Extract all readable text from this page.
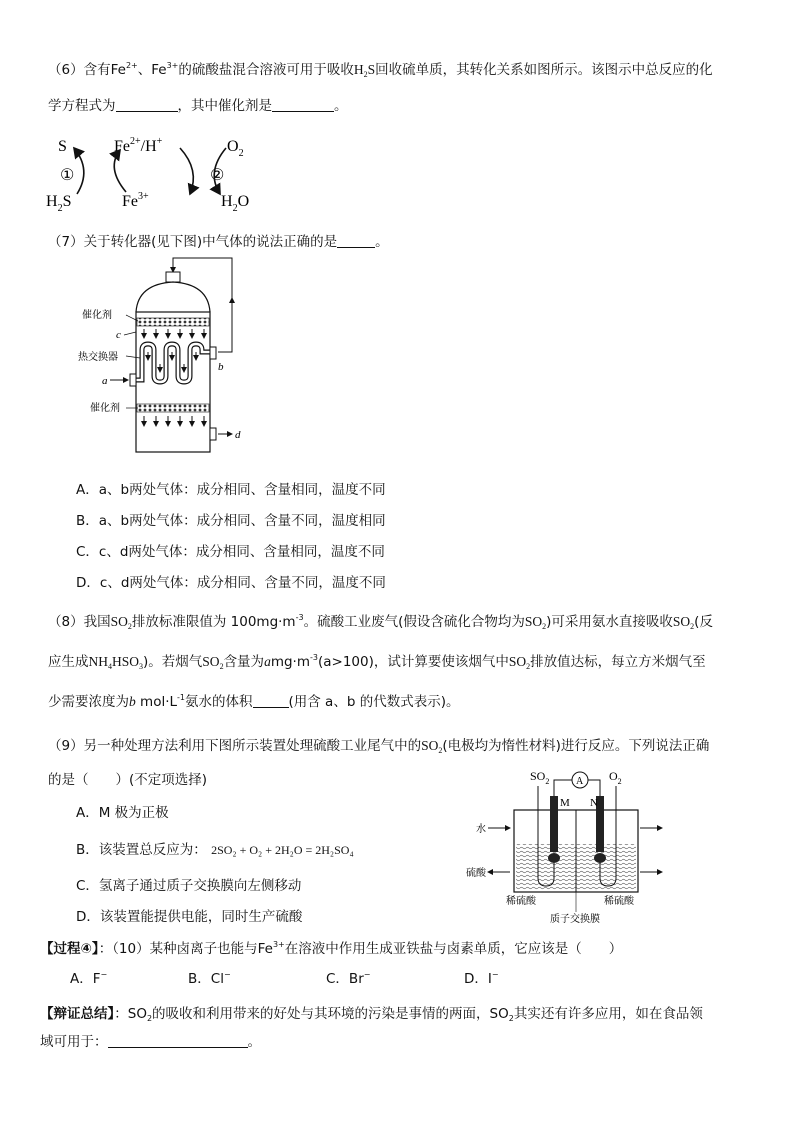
（6）含有$Fe^{2+}$、$Fe^{3+}$的硫酸盐混合溶液可用于吸收$H_2S$回收硫单质，其转化关系如图所示。该图示中总反应的化
学方程式为	，其中催化剂是	。
S	$Fe^{2+}/H^+$	$O_2$
①	②
$H_2S$	$Fe^{3+}$	$H_2O$
（7）关于转化器(见下图)中气体的说法正确的是	。
催化剂
c
热交换器
a
b
催化剂
d
A．a、b两处气体：成分相同、含量相同，温度不同
B．a、b两处气体：成分相同、含量不同，温度相同
C．c、d两处气体：成分相同、含量相同，温度不同
D．c、d两处气体：成分相同、含量不同，温度不同
（8）我国$SO_2$排放标准限值为 $100mg\cdot m^{-3}$。硫酸工业废气(假设含硫化合物均为$SO_2$)可采用氨水直接吸收$SO_2$(反
应生成$NH_4HSO_3$)。若烟气$SO_2$含量为$amg\cdot m^{-3}(a>100)$，试计算要使该烟气中$SO_2$排放值达标，每立方米烟气至
少需要浓度为b $mol\cdot L^{-1}$氨水的体积	(用含 a、b 的代数式表示)。
（9）另一种处理方法利用下图所示装置处理硫酸工业尾气中的$SO_2$(电极均为惰性材料)进行反应。下列说法正确
的是（　　）(不定项选择)
A．M 极为正极
B．该装置总反应为： 2SO₂ + O₂ + 2H₂O = 2H₂SO₄
C．氢离子通过质子交换膜向左侧移动
D．该装置能提供电能，同时生产硫酸
$SO_2$	$O_2$
A
M N
水
硫酸
稀硫酸	稀硫酸
质子交换膜
【过程④】：（10）某种卤离子也能与$Fe^{3+}$在溶液中作用生成亚铁盐与卤素单质，它应该是（　　）
A．F−	B．Cl−	C．Br−	D．I−
【辩证总结】：$SO_2$的吸收和利用带来的好处与其环境的污染是事情的两面，$SO_2$其实还有许多应用，如在食品领
域可用于：	。
